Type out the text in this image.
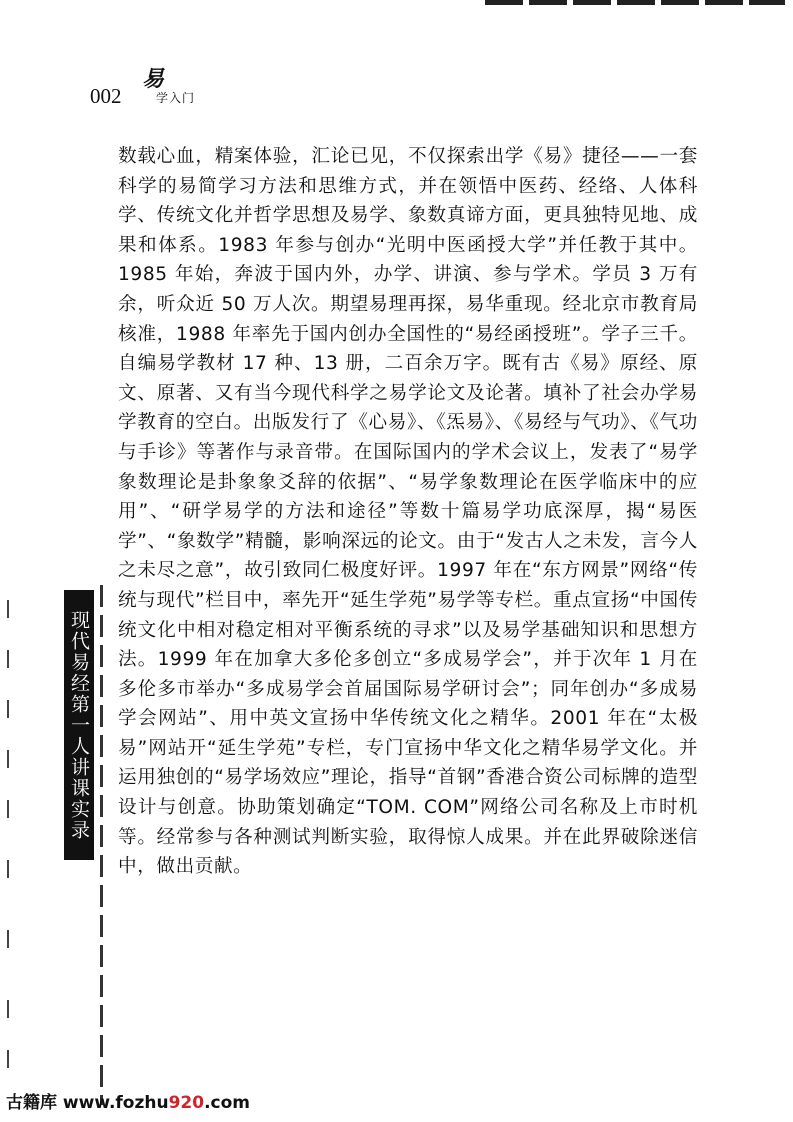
002
易
学入门
数载心血，精案体验，汇论已见，不仅探索出学《易》捷径——一套科学的易简学习方法和思维方式，并在领悟中医药、经络、人体科学、传统文化并哲学思想及易学、象数真谛方面，更具独特见地、成果和体系。1983 年参与创办“光明中医函授大学”并任教于其中。1985 年始，奔波于国内外，办学、讲演、参与学术。学员 3 万有余，听众近 50 万人次。期望易理再探，易华重现。经北京市教育局核准，1988 年率先于国内创办全国性的“易经函授班”。学子三千。自编易学教材 17 种、13 册，二百余万字。既有古《易》原经、原文、原著、又有当今现代科学之易学论文及论著。填补了社会办学易学教育的空白。出版发行了《心易》、《炁易》、《易经与气功》、《气功与手诊》等著作与录音带。在国际国内的学术会议上，发表了“易学象数理论是卦象象爻辞的依据”、“易学象数理论在医学临床中的应用”、“研学易学的方法和途径”等数十篇易学功底深厚，揭“易医学”、“象数学”精髓，影响深远的论文。由于“发古人之未发，言今人之未尽之意”，故引致同仁极度好评。1997 年在“东方网景”网络“传统与现代”栏目中，率先开“延生学苑”易学等专栏。重点宣扬“中国传统文化中相对稳定相对平衡系统的寻求”以及易学基础知识和思想方法。1999 年在加拿大多伦多创立“多成易学会”，并于次年 1 月在多伦多市举办“多成易学会首届国际易学研讨会”；同年创办“多成易学会网站”、用中英文宣扬中华传统文化之精华。2001 年在“太极易”网站开“延生学苑”专栏，专门宣扬中华文化之精华易学文化。并运用独创的“易学场效应”理论，指导“首钢”香港合资公司标牌的造型设计与创意。协助策划确定“TOM. COM”网络公司名称及上市时机等。经常参与各种测试判断实验，取得惊人成果。并在此界破除迷信中，做出贡献。
现代易经第一人讲课实录
古籍库 www.fozhu920.com
